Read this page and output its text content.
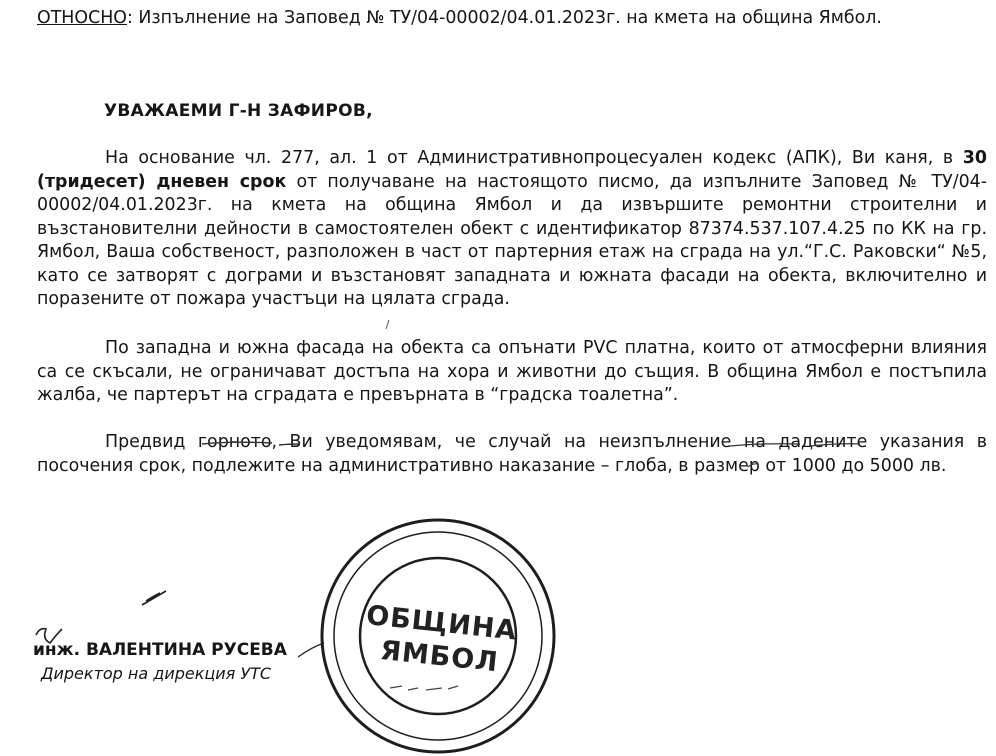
ОТНОСНО: Изпълнение на Заповед № ТУ/04-00002/04.01.2023г. на кмета на община Ямбол.
УВАЖАЕМИ Г-Н ЗАФИРОВ,

На основание чл. 277, ал. 1 от Административнопроцесуален кодекс (АПК), Ви каня, в 30 (тридесет) дневен срок от получаване на настоящото писмо, да изпълните Заповед № ТУ/04-00002/04.01.2023г. на кмета на община Ямбол и да извършите ремонтни строителни и възстановителни дейности в самостоятелен обект с идентификатор 87374.537.107.4.25 по КК на гр. Ямбол, Ваша собственост, разположен в част от партерния етаж на сграда на ул.“Г.С. Раковски“ №5, като се затворят с дограми и възстановят западната и южната фасади на обекта, включително и поразените от пожара участъци на цялата сграда.

По западна и южна фасада на обекта са опънати PVC платна, които от атмосферни влияния са се скъсали, не ограничават достъпа на хора и животни до същия. В община Ямбол е постъпила жалба, че партерът на сградата е превърната в “градска тоалетна”.

Предвид горното, Ви уведомявам, че случай на неизпълнение на дадените указания в посочения срок, подлежите на административно наказание – глоба, в размер от 1000 до 5000 лв.

инж. ВАЛЕНТИНА РУСЕВА
Директор на дирекция УТС
ОБЩИНА
ЯМБОЛ
